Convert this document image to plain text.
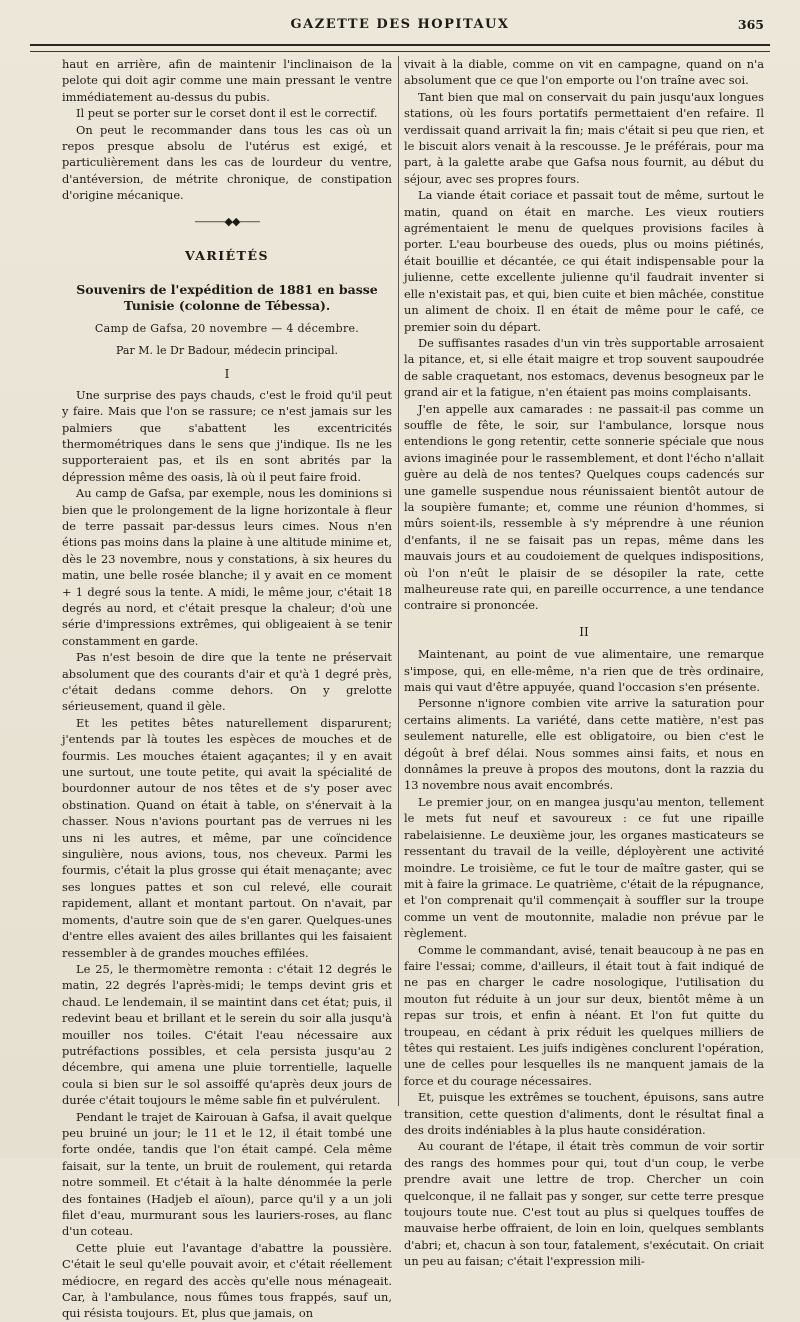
GAZETTE DES HOPITAUX	365

haut en arrière, afin de maintenir l'inclinaison de la pelote qui doit agir comme une main pressant le ventre immédiatement au-dessus du pubis.

Il peut se porter sur le corset dont il est le correctif.

On peut le recommander dans tous les cas où un repos presque absolu de l'utérus est exigé, et particulièrement dans les cas de lourdeur du ventre, d'antéversion, de métrite chronique, de constipation d'origine mécanique.

———◆◆——
VARIÉTÉS
Souvenirs de l'expédition de 1881 en basse Tunisie (colonne de Tébessa).
Camp de Gafsa, 20 novembre — 4 décembre.
Par M. le Dr Badour, médecin principal.
I

Une surprise des pays chauds, c'est le froid qu'il peut y faire. Mais que l'on se rassure; ce n'est jamais sur les palmiers que s'abattent les excentricités thermométriques dans le sens que j'indique. Ils ne les supporteraient pas, et ils en sont abrités par la dépression même des oasis, là où il peut faire froid.

Au camp de Gafsa, par exemple, nous les dominions si bien que le prolongement de la ligne horizontale à fleur de terre passait par-dessus leurs cimes. Nous n'en étions pas moins dans la plaine à une altitude minime et, dès le 23 novembre, nous y constations, à six heures du matin, une belle rosée blanche; il y avait en ce moment + 1 degré sous la tente. A midi, le même jour, c'était 18 degrés au nord, et c'était presque la chaleur; d'où une série d'impressions extrêmes, qui obligeaient à se tenir constamment en garde.

Pas n'est besoin de dire que la tente ne préservait absolument que des courants d'air et qu'à 1 degré près, c'était dedans comme dehors. On y grelotte sérieusement, quand il gèle.

Et les petites bêtes naturellement disparurent; j'entends par là toutes les espèces de mouches et de fourmis. Les mouches étaient agaçantes; il y en avait une surtout, une toute petite, qui avait la spécialité de bourdonner autour de nos têtes et de s'y poser avec obstination. Quand on était à table, on s'énervait à la chasser. Nous n'avions pourtant pas de verrues ni les uns ni les autres, et même, par une coïncidence singulière, nous avions, tous, nos cheveux. Parmi les fourmis, c'était la plus grosse qui était menaçante; avec ses longues pattes et son cul relevé, elle courait rapidement, allant et montant partout. On n'avait, par moments, d'autre soin que de s'en garer. Quelques-unes d'entre elles avaient des ailes brillantes qui les faisaient ressembler à de grandes mouches effilées.

Le 25, le thermomètre remonta : c'était 12 degrés le matin, 22 degrés l'après-midi; le temps devint gris et chaud. Le lendemain, il se maintint dans cet état; puis, il redevint beau et brillant et le serein du soir alla jusqu'à mouiller nos toiles. C'était l'eau nécessaire aux putréfactions possibles, et cela persista jusqu'au 2 décembre, qui amena une pluie torrentielle, laquelle coula si bien sur le sol assoiffé qu'après deux jours de durée c'était toujours le même sable fin et pulvérulent.

Pendant le trajet de Kairouan à Gafsa, il avait quelque peu bruiné un jour; le 11 et le 12, il était tombé une forte ondée, tandis que l'on était campé. Cela même faisait, sur la tente, un bruit de roulement, qui retarda notre sommeil. Et c'était à la halte dénommée la perle des fontaines (Hadjeb el aïoun), parce qu'il y a un joli filet d'eau, murmurant sous les lauriers-roses, au flanc d'un coteau.

Cette pluie eut l'avantage d'abattre la poussière. C'était le seul qu'elle pouvait avoir, et c'était réellement médiocre, en regard des accès qu'elle nous ménageait. Car, à l'ambulance, nous fûmes tous frappés, sauf un, qui résista toujours. Et, plus que jamais, on

vivait à la diable, comme on vit en campagne, quand on n'a absolument que ce que l'on emporte ou l'on traîne avec soi.

Tant bien que mal on conservait du pain jusqu'aux longues stations, où les fours portatifs permettaient d'en refaire. Il verdissait quand arrivait la fin; mais c'était si peu que rien, et le biscuit alors venait à la rescousse. Je le préférais, pour ma part, à la galette arabe que Gafsa nous fournit, au début du séjour, avec ses propres fours.

La viande était coriace et passait tout de même, surtout le matin, quand on était en marche. Les vieux routiers agrémentaient le menu de quelques provisions faciles à porter. L'eau bourbeuse des oueds, plus ou moins piétinés, était bouillie et décantée, ce qui était indispensable pour la julienne, cette excellente julienne qu'il faudrait inventer si elle n'existait pas, et qui, bien cuite et bien mâchée, constitue un aliment de choix. Il en était de même pour le café, ce premier soin du départ.

De suffisantes rasades d'un vin très supportable arrosaient la pitance, et, si elle était maigre et trop souvent saupoudrée de sable craquetant, nos estomacs, devenus besogneux par le grand air et la fatigue, n'en étaient pas moins complaisants.

J'en appelle aux camarades : ne passait-il pas comme un souffle de fête, le soir, sur l'ambulance, lorsque nous entendions le gong retentir, cette sonnerie spéciale que nous avions imaginée pour le rassemblement, et dont l'écho n'allait guère au delà de nos tentes? Quelques coups cadencés sur une gamelle suspendue nous réunissaient bientôt autour de la soupière fumante; et, comme une réunion d'hommes, si mûrs soient-ils, ressemble à s'y méprendre à une réunion d'enfants, il ne se faisait pas un repas, même dans les mauvais jours et au coudoiement de quelques indispositions, où l'on n'eût le plaisir de se désopiler la rate, cette malheureuse rate qui, en pareille occurrence, a une tendance contraire si prononcée.

II

Maintenant, au point de vue alimentaire, une remarque s'impose, qui, en elle-même, n'a rien que de très ordinaire, mais qui vaut d'être appuyée, quand l'occasion s'en présente.

Personne n'ignore combien vite arrive la saturation pour certains aliments. La variété, dans cette matière, n'est pas seulement naturelle, elle est obligatoire, ou bien c'est le dégoût à bref délai. Nous sommes ainsi faits, et nous en donnâmes la preuve à propos des moutons, dont la razzia du 13 novembre nous avait encombrés.

Le premier jour, on en mangea jusqu'au menton, tellement le mets fut neuf et savoureux : ce fut une ripaille rabelaisienne. Le deuxième jour, les organes masticateurs se ressentant du travail de la veille, déployèrent une activité moindre. Le troisième, ce fut le tour de maître gaster, qui se mit à faire la grimace. Le quatrième, c'était de la répugnance, et l'on comprenait qu'il commençait à souffler sur la troupe comme un vent de moutonnite, maladie non prévue par le règlement.

Comme le commandant, avisé, tenait beaucoup à ne pas en faire l'essai; comme, d'ailleurs, il était tout à fait indiqué de ne pas en charger le cadre nosologique, l'utilisation du mouton fut réduite à un jour sur deux, bientôt même à un repas sur trois, et enfin à néant. Et l'on fut quitte du troupeau, en cédant à prix réduit les quelques milliers de têtes qui restaient. Les juifs indigènes conclurent l'opération, une de celles pour lesquelles ils ne manquent jamais de la force et du courage nécessaires.

Et, puisque les extrêmes se touchent, épuisons, sans autre transition, cette question d'aliments, dont le résultat final a des droits indéniables à la plus haute considération.

Au courant de l'étape, il était très commun de voir sortir des rangs des hommes pour qui, tout d'un coup, le verbe prendre avait une lettre de trop. Chercher un coin quelconque, il ne fallait pas y songer, sur cette terre presque toujours toute nue. C'est tout au plus si quelques touffes de mauvaise herbe offraient, de loin en loin, quelques semblants d'abri; et, chacun à son tour, fatalement, s'exécutait. On criait un peu au faisan; c'était l'expression mili-
